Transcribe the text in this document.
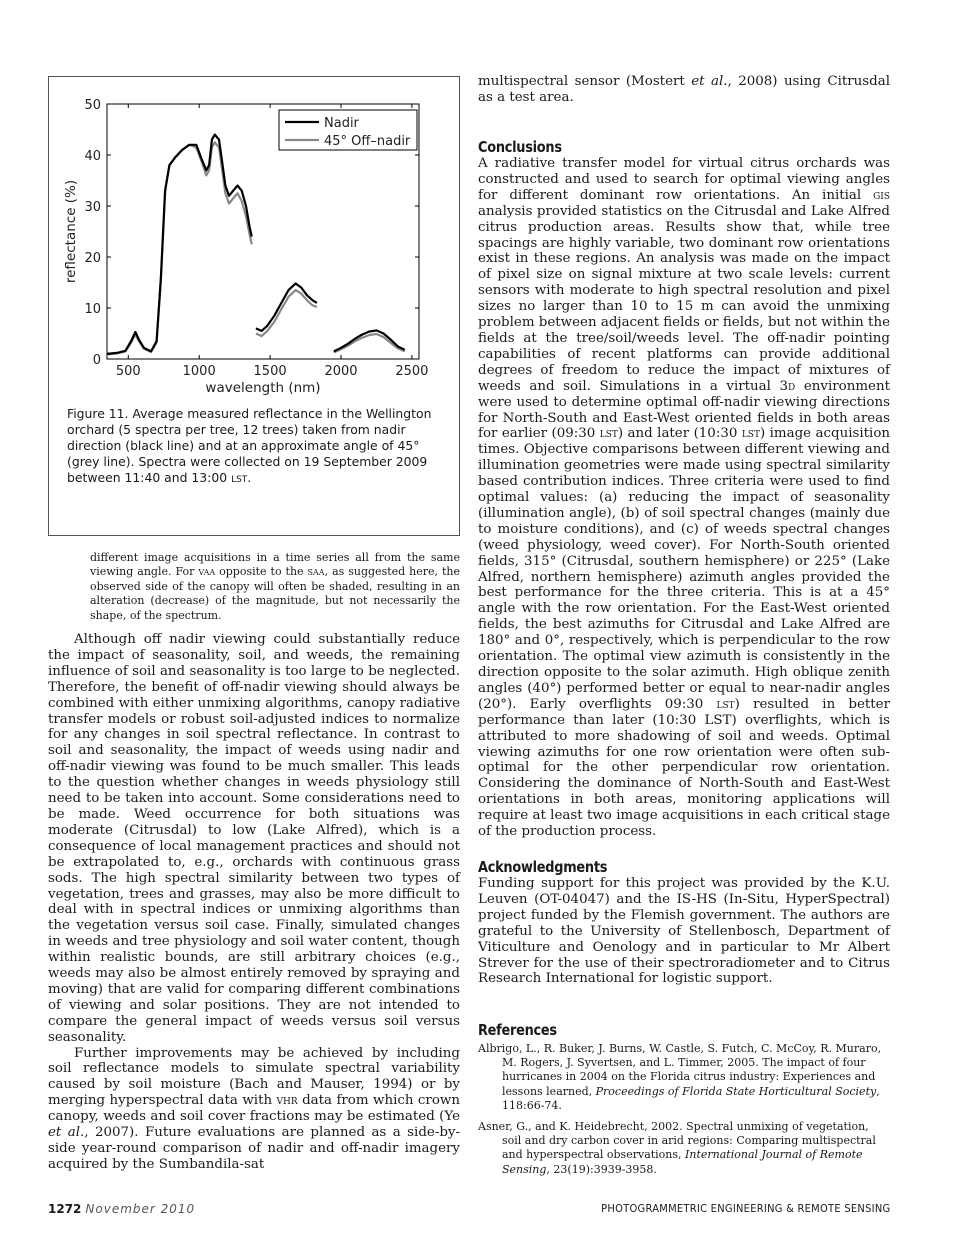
0
10
20
30
40
50
500	1000	1500	2000	2500
wavelength (nm)
reflectance (%)
Nadir
45° Off–nadir
Figure 11. Average measured reflectance in the Wellington orchard (5 spectra per tree, 12 trees) taken from nadir direction (black line) and at an approximate angle of 45° (grey line). Spectra were collected on 19 September 2009 between 11:40 and 13:00 lst.
different image acquisitions in a time series all from the same viewing angle. For vaa opposite to the saa, as suggested here, the observed side of the canopy will often be shaded, resulting in an alteration (decrease) of the magnitude, but not necessarily the shape, of the spectrum.

Although off nadir viewing could substantially reduce the impact of seasonality, soil, and weeds, the remaining influence of soil and seasonality is too large to be neglected. Therefore, the benefit of off-nadir viewing should always be combined with either unmixing algorithms, canopy radiative transfer models or robust soil-adjusted indices to normalize for any changes in soil spectral reflectance. In contrast to soil and seasonality, the impact of weeds using nadir and off-nadir viewing was found to be much smaller. This leads to the question whether changes in weeds physiology still need to be taken into account. Some considerations need to be made. Weed occurrence for both situations was moderate (Citrusdal) to low (Lake Alfred), which is a consequence of local management practices and should not be extrapolated to, e.g., orchards with continuous grass sods. The high spectral similarity between two types of vegetation, trees and grasses, may also be more difficult to deal with in spectral indices or unmixing algorithms than the vegetation versus soil case. Finally, simulated changes in weeds and tree physiology and soil water content, though within realistic bounds, are still arbitrary choices (e.g., weeds may also be almost entirely removed by spraying and moving) that are valid for comparing different combinations of viewing and solar positions. They are not intended to compare the general impact of weeds versus soil versus seasonality.

Further improvements may be achieved by including soil reflectance models to simulate spectral variability caused by soil moisture (Bach and Mauser, 1994) or by merging hyperspectral data with vhr data from which crown canopy, weeds and soil cover fractions may be estimated (Ye et al., 2007). Future evaluations are planned as a side-by-side year-round comparison of nadir and off-nadir imagery acquired by the Sumbandila-sat

multispectral sensor (Mostert et al., 2008) using Citrusdal as a test area.

Conclusions

A radiative transfer model for virtual citrus orchards was constructed and used to search for optimal viewing angles for different dominant row orientations. An initial gis analysis provided statistics on the Citrusdal and Lake Alfred citrus production areas. Results show that, while tree spacings are highly variable, two dominant row orientations exist in these regions. An analysis was made on the impact of pixel size on signal mixture at two scale levels: current sensors with moderate to high spectral resolution and pixel sizes no larger than 10 to 15 m can avoid the unmixing problem between adjacent fields or fields, but not within the fields at the tree/soil/weeds level. The off-nadir pointing capabilities of recent platforms can provide additional degrees of freedom to reduce the impact of mixtures of weeds and soil. Simulations in a virtual 3d environment were used to determine optimal off-nadir viewing directions for North-South and East-West oriented fields in both areas for earlier (09:30 lst) and later (10:30 lst) image acquisition times. Objective comparisons between different viewing and illumination geometries were made using spectral similarity based contribution indices. Three criteria were used to find optimal values: (a) reducing the impact of seasonality (illumination angle), (b) of soil spectral changes (mainly due to moisture conditions), and (c) of weeds spectral changes (weed physiology, weed cover). For North-South oriented fields, 315° (Citrusdal, southern hemisphere) or 225° (Lake Alfred, northern hemisphere) azimuth angles provided the best performance for the three criteria. This is at a 45° angle with the row orientation. For the East-West oriented fields, the best azimuths for Citrusdal and Lake Alfred are 180° and 0°, respectively, which is perpendicular to the row orientation. The optimal view azimuth is consistently in the direction opposite to the solar azimuth. High oblique zenith angles (40°) performed better or equal to near-nadir angles (20°). Early overflights 09:30 lst) resulted in better performance than later (10:30 LST) overflights, which is attributed to more shadowing of soil and weeds. Optimal viewing azimuths for one row orientation were often sub-optimal for the other perpendicular row orientation. Considering the dominance of North-South and East-West orientations in both areas, monitoring applications will require at least two image acquisitions in each critical stage of the production process.

Acknowledgments

Funding support for this project was provided by the K.U. Leuven (OT-04047) and the IS-HS (In-Situ, HyperSpectral) project funded by the Flemish government. The authors are grateful to the University of Stellenbosch, Department of Viticulture and Oenology and in particular to Mr Albert Strever for the use of their spectroradiometer and to Citrus Research International for logistic support.

References

Albrigo, L., R. Buker, J. Burns, W. Castle, S. Futch, C. McCoy, R. Muraro, M. Rogers, J. Syvertsen, and L. Timmer, 2005. The impact of four hurricanes in 2004 on the Florida citrus industry: Experiences and lessons learned, Proceedings of Florida State Horticultural Society, 118:66-74.

Asner, G., and K. Heidebrecht, 2002. Spectral unmixing of vegetation, soil and dry carbon cover in arid regions: Comparing multispectral and hyperspectral observations, International Journal of Remote Sensing, 23(19):3939-3958.

1272 November 2010	PHOTOGRAMMETRIC ENGINEERING & REMOTE SENSING
